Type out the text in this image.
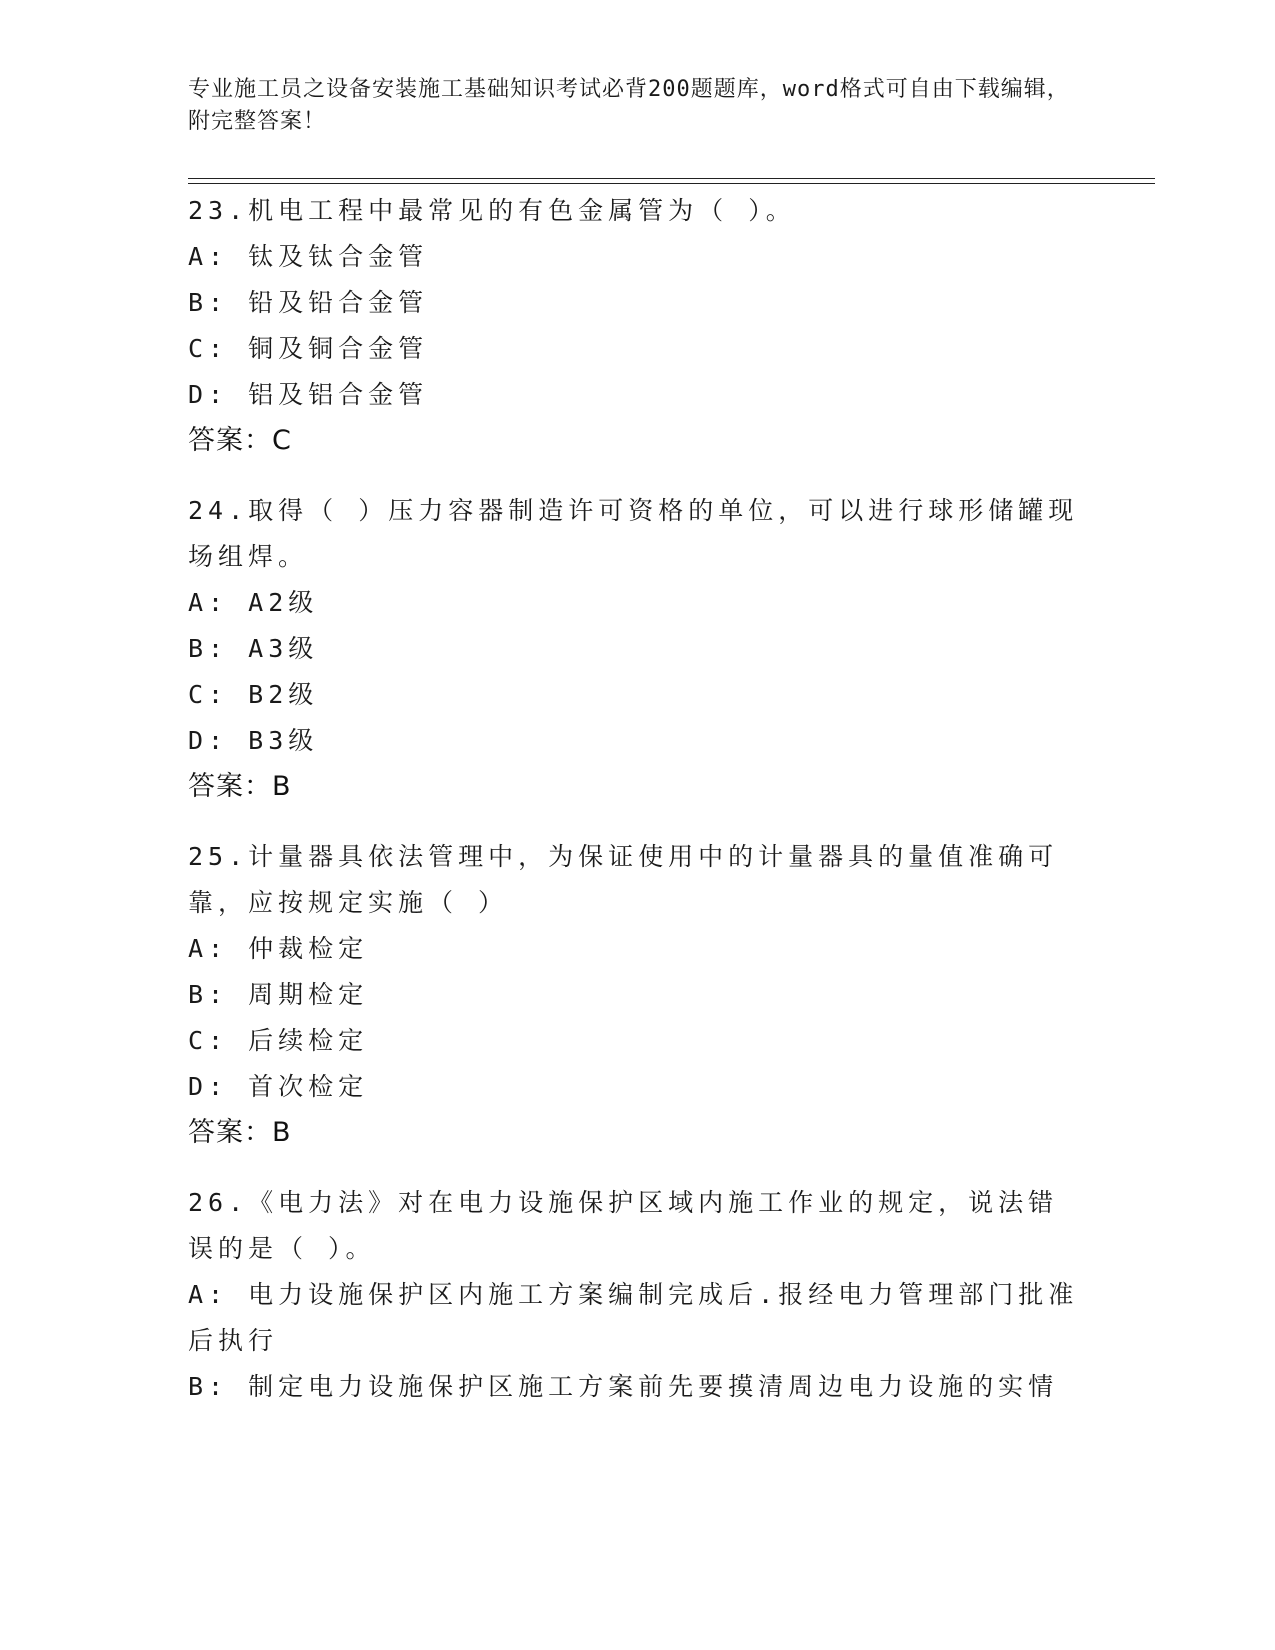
专业施工员之设备安装施工基础知识考试必背200题题库，word格式可自由下载编辑，附完整答案！
23.机电工程中最常见的有色金属管为（ ）。
A: 钛及钛合金管
B: 铅及铅合金管
C: 铜及铜合金管
D: 铝及铝合金管
答案：C
24.取得（ ）压力容器制造许可资格的单位，可以进行球形储罐现场组焊。
A: A2级
B: A3级
C: B2级
D: B3级
答案：B
25.计量器具依法管理中，为保证使用中的计量器具的量值准确可靠，应按规定实施（ ）
A: 仲裁检定
B: 周期检定
C: 后续检定
D: 首次检定
答案：B
26.《电力法》对在电力设施保护区域内施工作业的规定，说法错误的是（ ）。
A: 电力设施保护区内施工方案编制完成后.报经电力管理部门批准后执行
B: 制定电力设施保护区施工方案前先要摸清周边电力设施的实情
